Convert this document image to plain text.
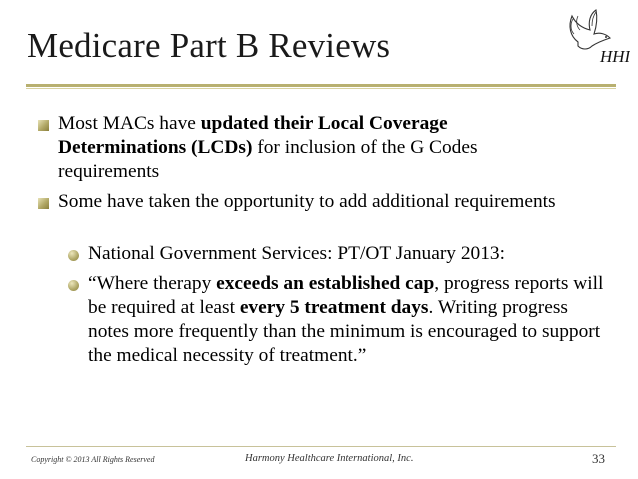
Medicare Part B Reviews	HHI
Most MACs have updated their Local Coverage Determinations (LCDs) for inclusion of the G Codes requirements
Some have taken the opportunity to add additional requirements
National Government Services: PT/OT January 2013:
“Where therapy exceeds an established cap, progress reports will be required at least every 5 treatment days. Writing progress notes more frequently than the minimum is encouraged to support the medical necessity of treatment.”
Copyright © 2013 All Rights Reserved	Harmony Healthcare International, Inc.	33
